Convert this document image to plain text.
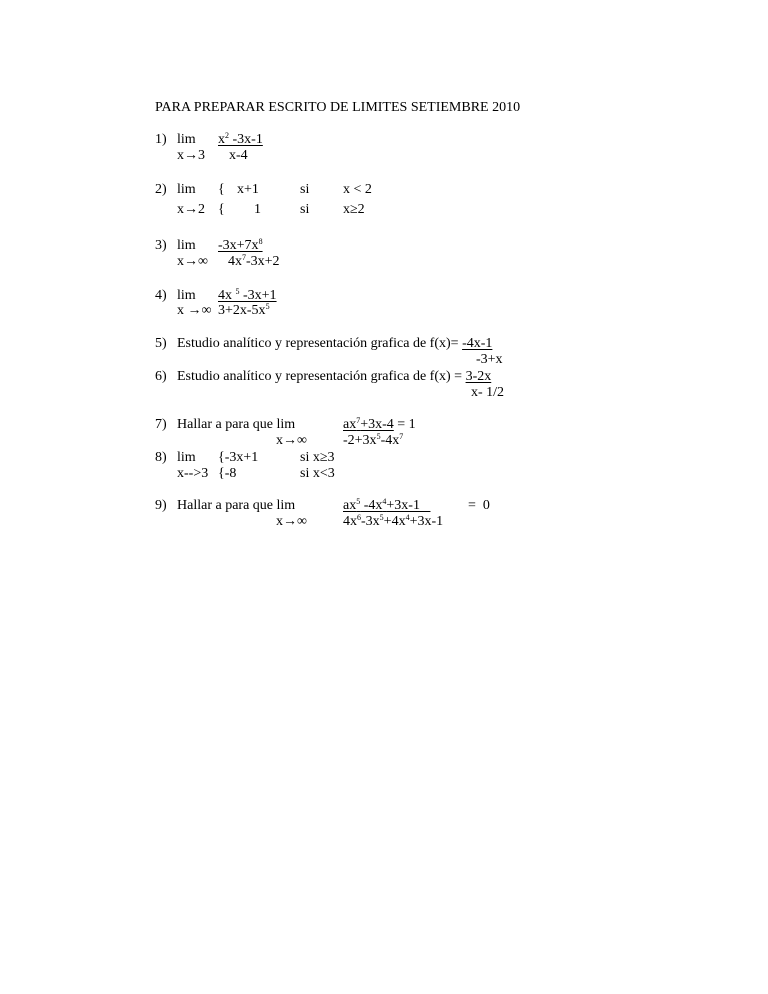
PARA PREPARAR ESCRITO DE LIMITES SETIEMBRE 2010
1) $\lim x^2$ -3x-1
x→3 x-4
2) lim { x+1	si x < 2
x→2 { 1	si x≥2
3) $\lim -3x+7x^8$
x→∞ $4x^7-3x+2$
4) lim 4x $^5$ -3x+1
x →∞ $3+2x-5x^5$
5) Estudio analítico y representación grafica de f(x)= -4x-1
-3+x
6) Estudio analítico y representación grafica de f(x) = 3-2x
x- 1/2
7) Hallar a para que lim	$ax^7+3x-4 = 1$
x→∞	$-2+3x^5-4x^7$
8) lim {-3x+1	si x≥3
x-->3 {-8	si x<3
9) Hallar a para que lim	$ax^5$ $-4x^4+3x-1$	=  0
x→∞	$4x^6-3x^5+4x^4+3x-1$
